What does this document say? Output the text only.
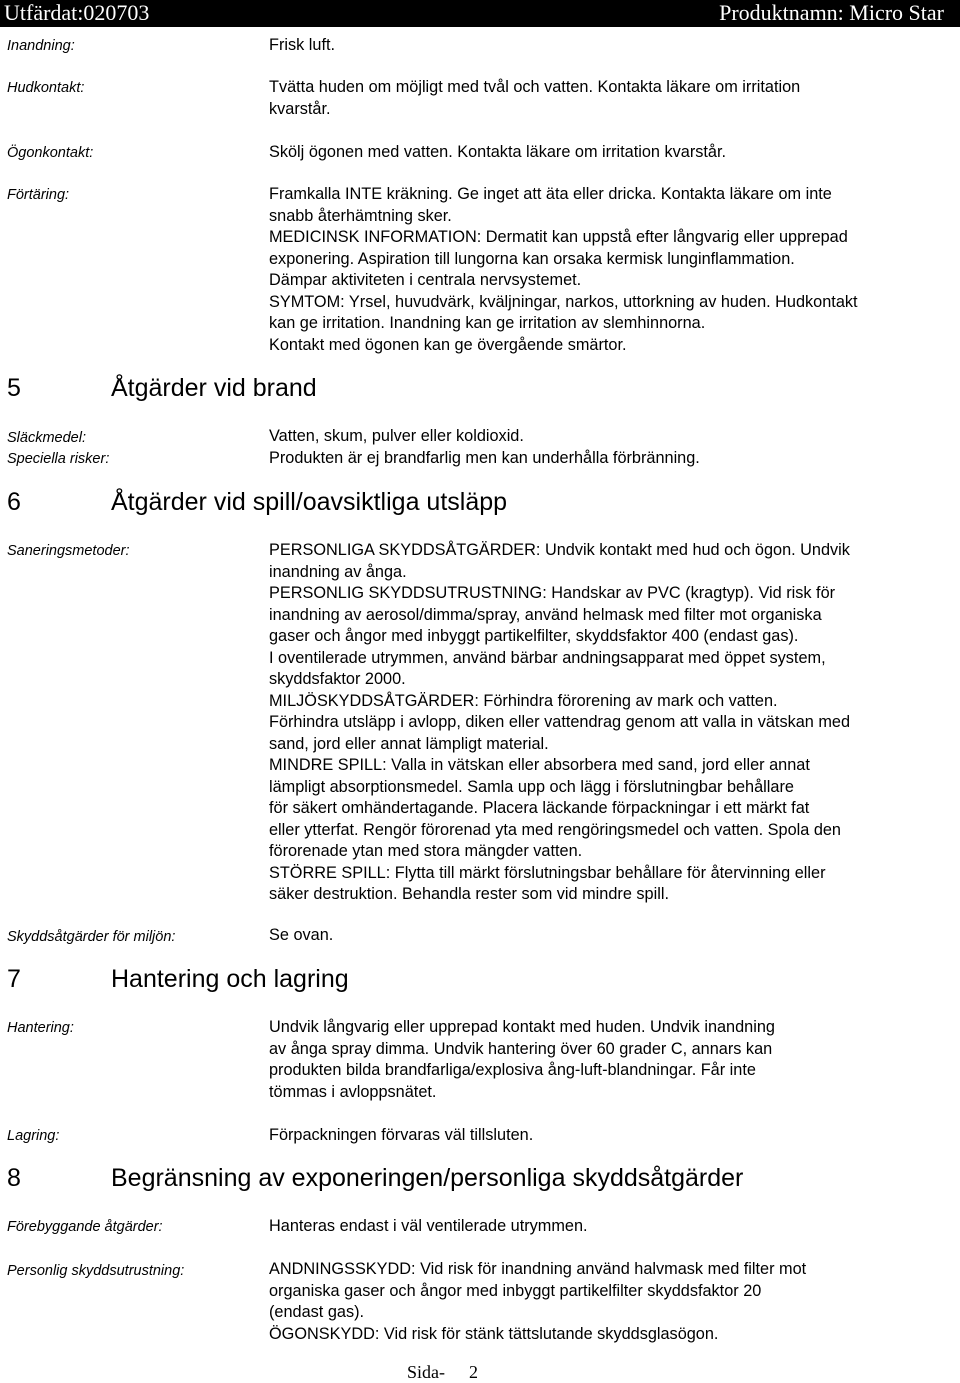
Utfärdat:020703	Produktnamn: Micro Star
Inandning:	Frisk luft.
Hudkontakt:	Tvätta huden om möjligt med tvål och vatten. Kontakta läkare om irritation
kvarstår.
Ögonkontakt:	Skölj ögonen med vatten. Kontakta läkare om irritation kvarstår.
Förtäring:	Framkalla INTE kräkning. Ge inget att äta eller dricka. Kontakta läkare om inte
snabb återhämtning sker.
MEDICINSK INFORMATION: Dermatit kan uppstå efter långvarig eller upprepad
exponering. Aspiration till lungorna kan orsaka kermisk lunginflammation.
Dämpar aktiviteten i centrala nervsystemet.
SYMTOM: Yrsel, huvudvärk, kväljningar, narkos, uttorkning av huden. Hudkontakt
kan ge irritation. Inandning kan ge irritation av slemhinnorna.
Kontakt med ögonen kan ge övergående smärtor.
5	Åtgärder vid brand
Släckmedel:	Vatten, skum, pulver eller koldioxid.
Speciella risker:	Produkten är ej brandfarlig men kan underhålla förbränning.
6	Åtgärder vid spill/oavsiktliga utsläpp
Saneringsmetoder:	PERSONLIGA SKYDDSÅTGÄRDER: Undvik kontakt med hud och ögon. Undvik
inandning av ånga.
PERSONLIG SKYDDSUTRUSTNING: Handskar av PVC (kragtyp). Vid risk för
inandning av aerosol/dimma/spray, använd helmask med filter mot organiska
gaser och ångor med inbyggt partikelfilter, skyddsfaktor 400 (endast gas).
I oventilerade utrymmen, använd bärbar andningsapparat med öppet system,
skyddsfaktor 2000.
MILJÖSKYDDSÅTGÄRDER: Förhindra förorening av mark och vatten.
Förhindra utsläpp i avlopp, diken eller vattendrag genom att valla in vätskan med
sand, jord eller annat lämpligt material.
MINDRE SPILL: Valla in vätskan eller absorbera med sand, jord eller annat
lämpligt absorptionsmedel. Samla upp och lägg i förslutningbar behållare
för säkert omhändertagande. Placera läckande förpackningar i ett märkt fat
eller ytterfat. Rengör förorenad yta med rengöringsmedel och vatten. Spola den
förorenade ytan med stora mängder vatten.
STÖRRE SPILL: Flytta till märkt förslutningsbar behållare för återvinning eller
säker destruktion. Behandla rester som vid mindre spill.
Skyddsåtgärder för miljön:	Se ovan.
7	Hantering och lagring
Hantering:	Undvik långvarig eller upprepad kontakt med huden. Undvik inandning
av ånga spray dimma. Undvik hantering över 60 grader C, annars kan
produkten bilda brandfarliga/explosiva ång-luft-blandningar. Får inte
tömmas i avloppsnätet.
Lagring:	Förpackningen förvaras väl tillsluten.
8	Begränsning av exponeringen/personliga skyddsåtgärder
Förebyggande åtgärder:	Hanteras endast i väl ventilerade utrymmen.
Personlig skyddsutrustning:	ANDNINGSSKYDD: Vid risk för inandning använd halvmask med filter mot
organiska gaser och ångor med inbyggt partikelfilter skyddsfaktor 20
(endast gas).
ÖGONSKYDD: Vid risk för stänk tättslutande skyddsglasögon.
Sida- 2
